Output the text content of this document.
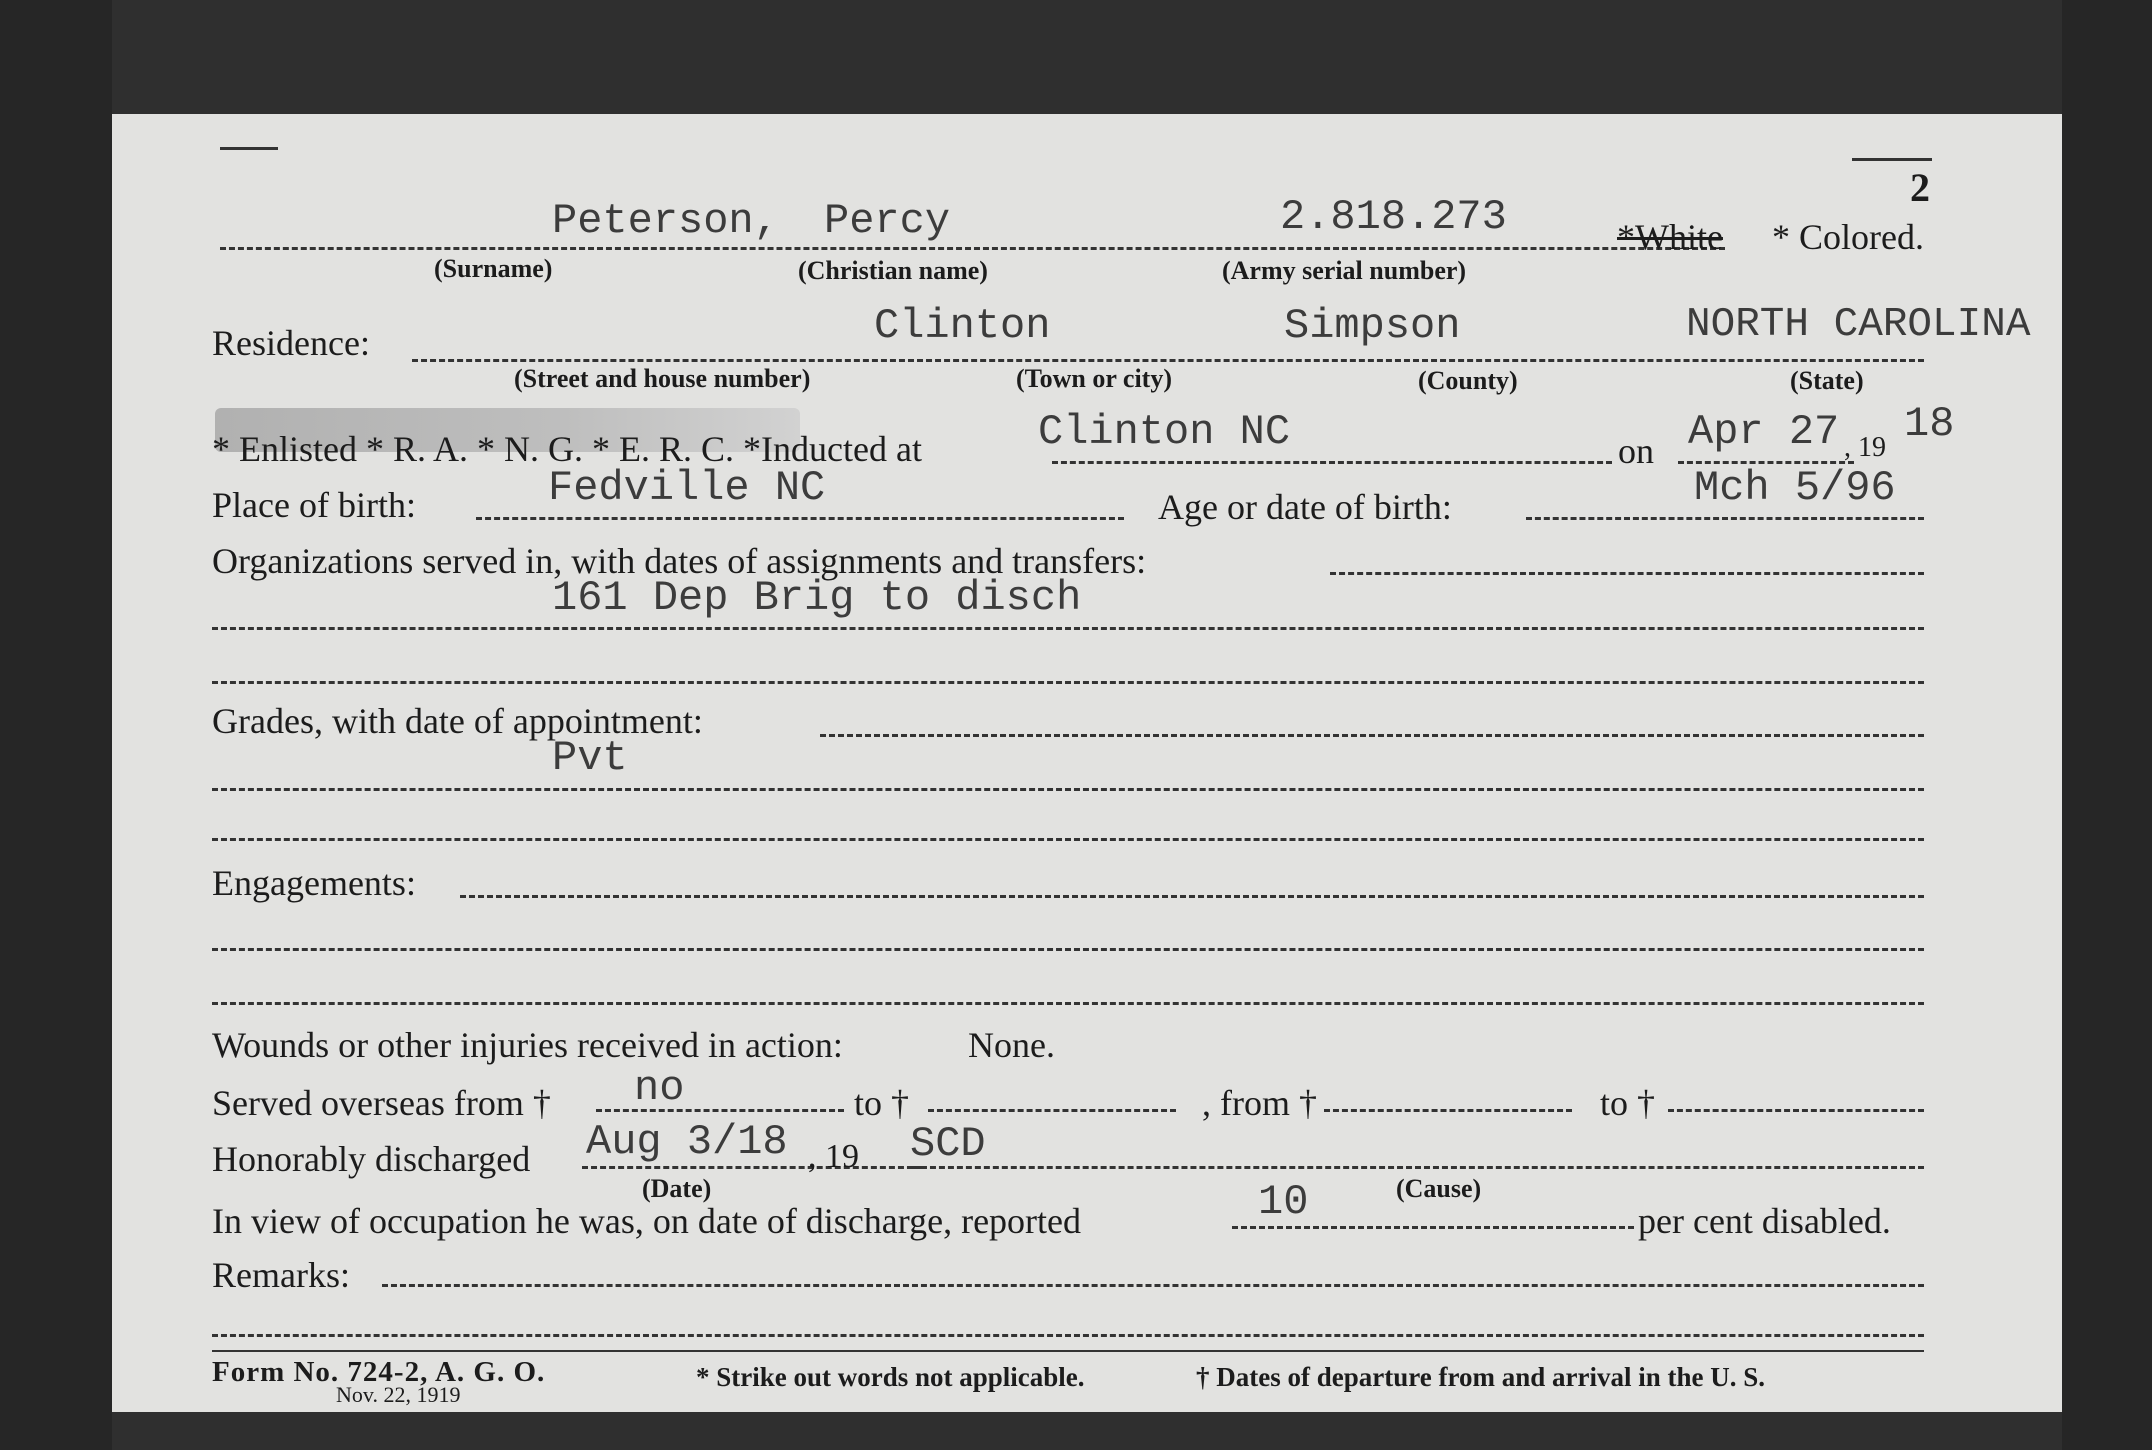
2
Peterson, Percy	2.818.273	*White * Colored.
(Surname)	(Christian name)	(Army serial number)
Residence:	Clinton	Simpson	NORTH CAROLINA
(Street and house number)	(Town or city)	(County)	(State)
* Enlisted * R. A. * N. G. * E. R. C. *Inducted at	Clinton NC	on Apr 27 , 19 18
Place of birth:	Fedville NC	Age or date of birth:	Mch 5/96
Organizations served in, with dates of assignments and transfers:
161 Dep Brig to disch
Grades, with date of appointment:
Pvt
Engagements:
Wounds or other injuries received in action:	None.
Served overseas from † no	to †	, from †	to †
Honorably discharged Aug 3/18 , 19 SCD
(Date)	(Cause)
In view of occupation he was, on date of discharge, reported	10	per cent disabled.
Remarks:
Form No. 724-2, A. G. O.
Nov. 22, 1919
* Strike out words not applicable.	† Dates of departure from and arrival in the U. S.
